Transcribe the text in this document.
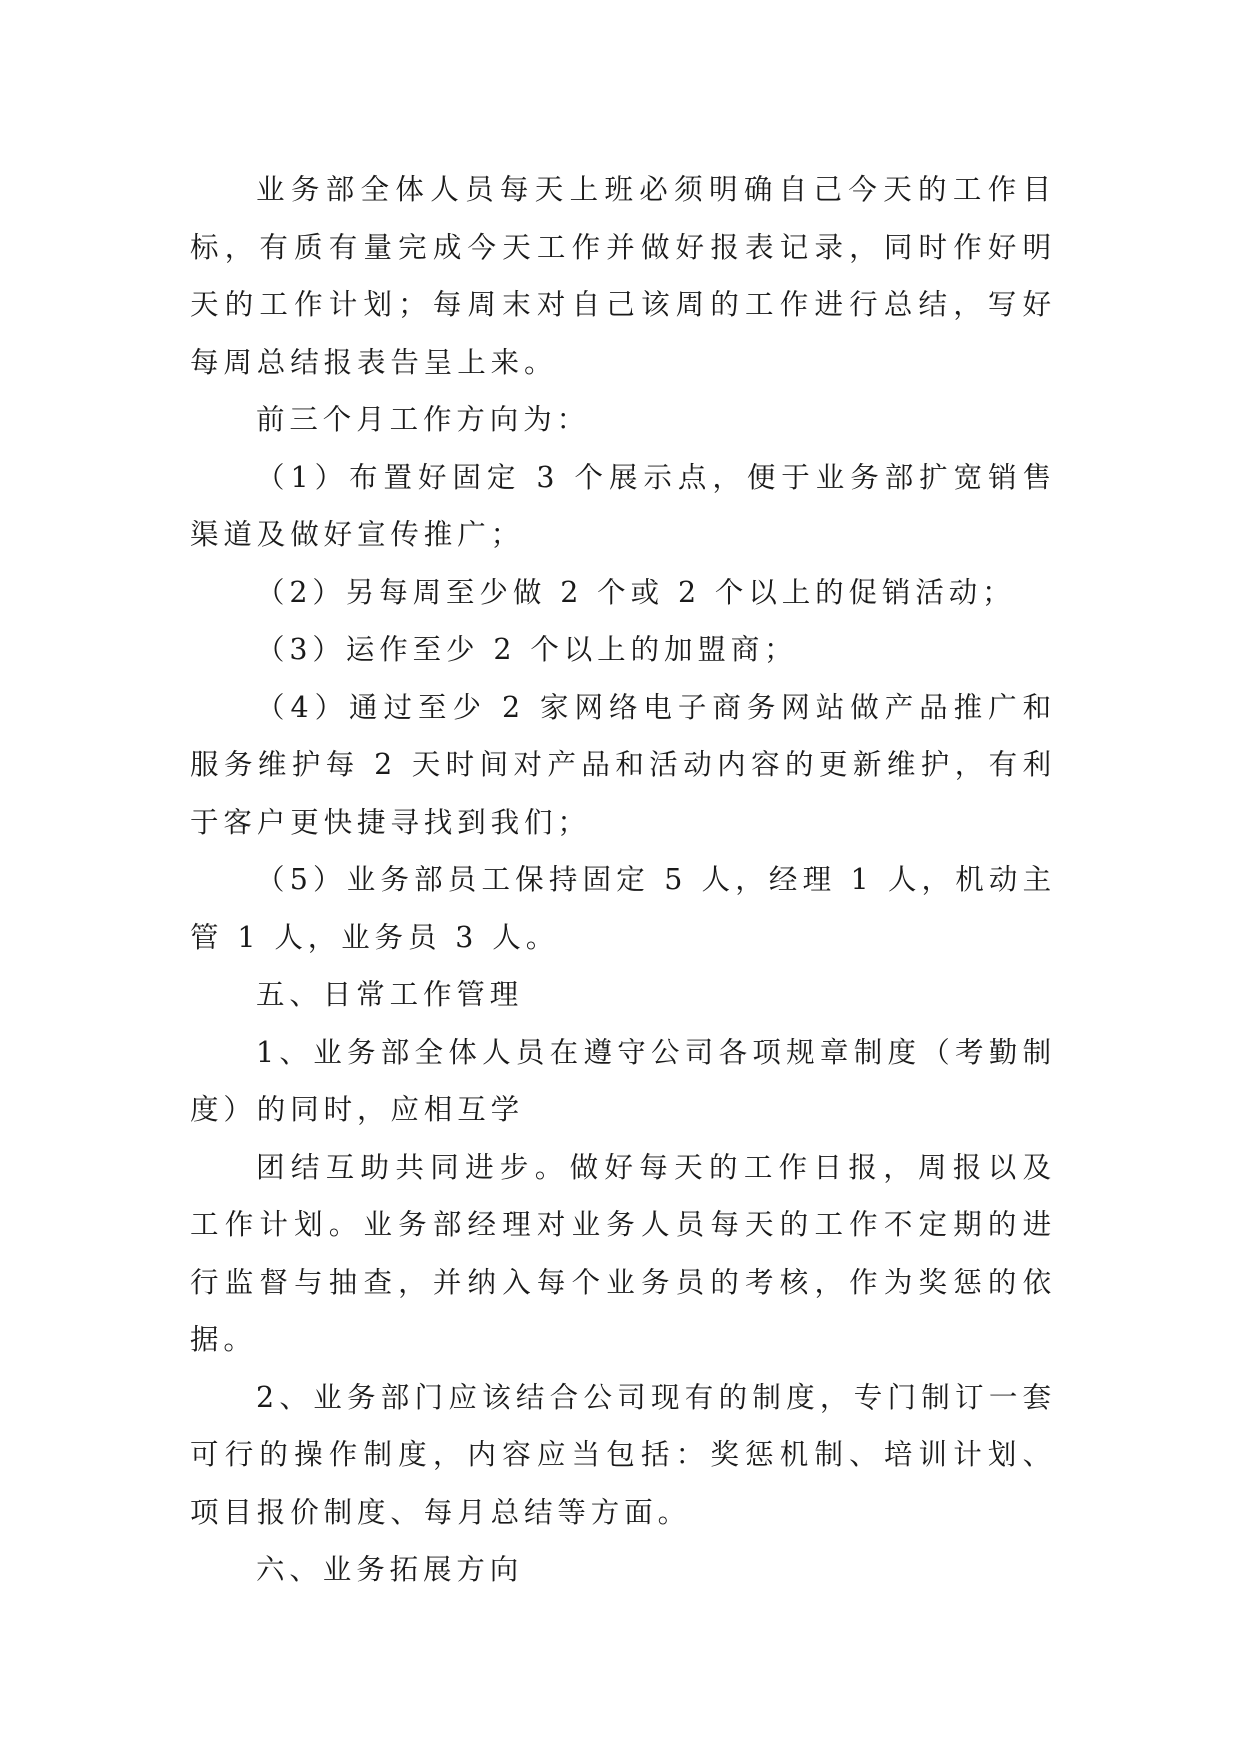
业务部全体人员每天上班必须明确自己今天的工作目标，有质有量完成今天工作并做好报表记录，同时作好明天的工作计划；每周末对自己该周的工作进行总结，写好每周总结报表告呈上来。

前三个月工作方向为：

（1）布置好固定 3 个展示点，便于业务部扩宽销售渠道及做好宣传推广；

（2）另每周至少做 2 个或 2 个以上的促销活动；

（3）运作至少 2 个以上的加盟商；

（4）通过至少 2 家网络电子商务网站做产品推广和服务维护每 2 天时间对产品和活动内容的更新维护，有利于客户更快捷寻找到我们；

（5）业务部员工保持固定 5 人，经理 1 人，机动主管 1 人，业务员 3 人。

五、日常工作管理

1、业务部全体人员在遵守公司各项规章制度（考勤制度）的同时，应相互学

团结互助共同进步。做好每天的工作日报，周报以及工作计划。业务部经理对业务人员每天的工作不定期的进行监督与抽查，并纳入每个业务员的考核，作为奖惩的依据。

2、业务部门应该结合公司现有的制度，专门制订一套可行的操作制度，内容应当包括：奖惩机制、培训计划、项目报价制度、每月总结等方面。

六、业务拓展方向
